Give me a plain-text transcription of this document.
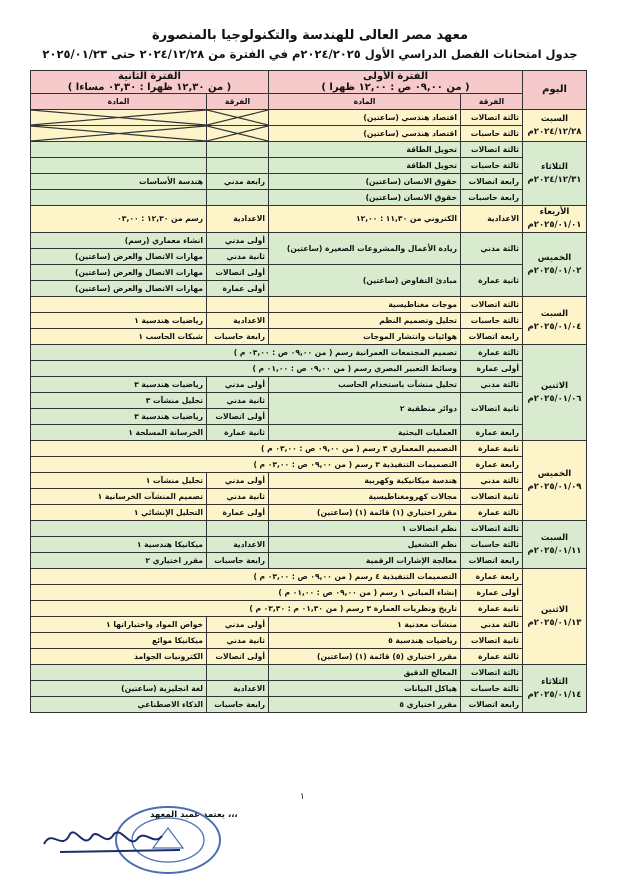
معهد مصر العالى للهندسة والتكنولوجيا بالمنصورة
جدول امتحانات الفصل الدراسي الأول ٢٠٢٤/٢٠٢٥م في الفترة من ٢٠٢٤/١٢/٢٨ حتى ٢٠٢٥/٠١/٢٣
اليوم	الفترة الأولى
( من ٠٩,٠٠ ص : ١٢,٠٠ ظهرا )		الفترة الثانية
( من ١٢,٣٠ ظهرا : ٠٣,٣٠ مساءا )		
	الفرقة	المادة	الفرقة	المادة	

السبت
٢٠٢٤/١٢/٢٨م	ثالثة اتصالات	اقتصاد هندسي (ساعتين)	

	ثالثة حاسبات	اقتصاد هندسي (ساعتين)	

الثلاثاء
٢٠٢٤/١٢/٣١م	ثالثة اتصالات	تحويل الطاقة			
	ثالثة حاسبات	تحويل الطاقة			
	رابعة اتصالات	حقوق الانسان (ساعتين)	رابعة مدني	هندسة الأساسات	
	رابعة حاسبات	حقوق الانسان (ساعتين)			

الأربعاء
٢٠٢٥/٠١/٠١م	الاعدادية	الكتروني من ١١,٣٠ : ١٢,٠٠	الاعدادية	رسم من ١٢,٣٠ : ٠٣,٠٠	

الخميس
٢٠٢٥/٠١/٠٢م	ثالثة مدني	ريادة الأعمال والمشروعات الصغيرة (ساعتين)	أولى مدني	انشاء معماري (رسم)	
			ثانية مدني	مهارات الاتصال والعرض (ساعتين)	
	ثانية عمارة	مبادئ التفاوض (ساعتين)	أولى اتصالات	مهارات الاتصال والعرض (ساعتين)	
			أولى عمارة	مهارات الاتصال والعرض (ساعتين)	

السبت
٢٠٢٥/٠١/٠٤م	ثالثة اتصالات	موجات مغناطيسية			
	ثالثة حاسبات	تحليل وتصميم النظم	الاعدادية	رياضيات هندسية ١	
	رابعة اتصالات	هوائيات وانتشار الموجات		
			رابعة حاسبات	شبكات الحاسب ١	

الاثنين
٢٠٢٥/٠١/٠٦م	ثالثة عمارة	تصميم المجتمعات العمرانية رسم ( من ٠٩,٠٠ ص : ٠٣,٠٠ م )			
	أولى عمارة	وسائط التعبير البصري رسم ( من ٠٩,٠٠ ص : ٠١,٠٠ م )			
	ثالثة مدني	تحليل منشآت باستخدام الحاسب	أولى مدني	رياضيات هندسية ٣	
	ثانية اتصالات	دوائر منطقية ٢	ثانية مدني	تحليل منشآت ٣	
			أولى اتصالات	رياضيات هندسية ٣	
	رابعة عمارة	العمليات البحثية	ثانية عمارة	الخرسانة المسلحة ١	

الخميس
٢٠٢٥/٠١/٠٩م	ثانية عمارة	التصميم المعماري ٣ رسم ( من ٠٩,٠٠ ص : ٠٣,٠٠ م )			
	رابعة عمارة	التصميمات التنفيذية ٣ رسم ( من ٠٩,٠٠ ص : ٠٣,٠٠ م )			
	ثالثة مدني	هندسة ميكانيكية وكهربية	أولى مدني	تحليل منشآت ١	
	ثانية اتصالات	مجالات كهرومغناطيسية	ثانية مدني	تصميم المنشآت الخرسانية ١	
	ثالثة عمارة	مقرر اختياري (١) قائمة (١) (ساعتين)			
			أولى عمارة	التحليل الإنشائي ١	

السبت
٢٠٢٥/٠١/١١م	ثالثة اتصالات	نظم اتصالات ١			
	ثالثة حاسبات	نظم التشغيل	الاعدادية	ميكانيكا هندسية ١	
	رابعة اتصالات	معالجة الإشارات الرقمية		
			رابعة حاسبات	مقرر اختياري ٢	

الاثنين
٢٠٢٥/٠١/١٣م	رابعة عمارة	التصميمات التنفيذية ٤ رسم ( من ٠٩,٠٠ ص : ٠٣,٠٠ م )			
	أولى عمارة	إنشاء المباني ١ رسم ( من ٠٩,٠٠ ص : ٠١,٠٠ م )			
	ثانية عمارة	تاريخ ونظريات العمارة ٣ رسم ( من ٠١,٣٠ م : ٠٣,٣٠ م )			
	ثالثة مدني	منشآت معدنية ١	أولى مدني	خواص المواد واختباراتها ١	
	ثانية اتصالات	رياضيات هندسية ٥	ثانية مدني	ميكانيكا موائع	
	ثالثة عمارة	مقرر اختياري (٥) قائمة (١) (ساعتين)	أولى اتصالات	الكترونيات الجوامد	

الثلاثاء
٢٠٢٥/٠١/١٤م	ثالثة اتصالات	المعالج الدقيق			
	ثالثة حاسبات	هياكل البيانات	الاعدادية	لغة انجليزية (ساعتين)	
	رابعة اتصالات	مقرر اختياري ٥		
			رابعة حاسبات	الذكاء الاصطناعي	
١
يعتمد عميد المعهد ،،،
